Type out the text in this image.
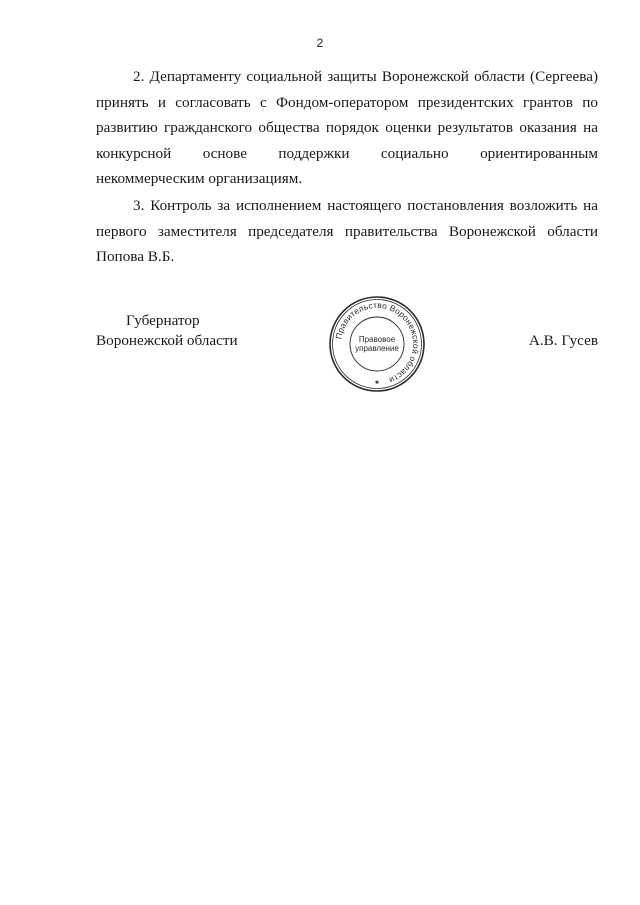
2

2. Департаменту социальной защиты Воронежской области (Сергеева) принять и согласовать с Фондом-оператором президентских грантов по развитию гражданского общества порядок оценки результатов оказания на конкурсной основе поддержки социально ориентированным некоммерческим организациям.

3. Контроль за исполнением настоящего постановления возложить на первого заместителя председателя правительства Воронежской области Попова В.Б.

Губернатор
Воронежской области	А.В. Гусев
Правительство Воронежской области
Правовое
управление
✱
